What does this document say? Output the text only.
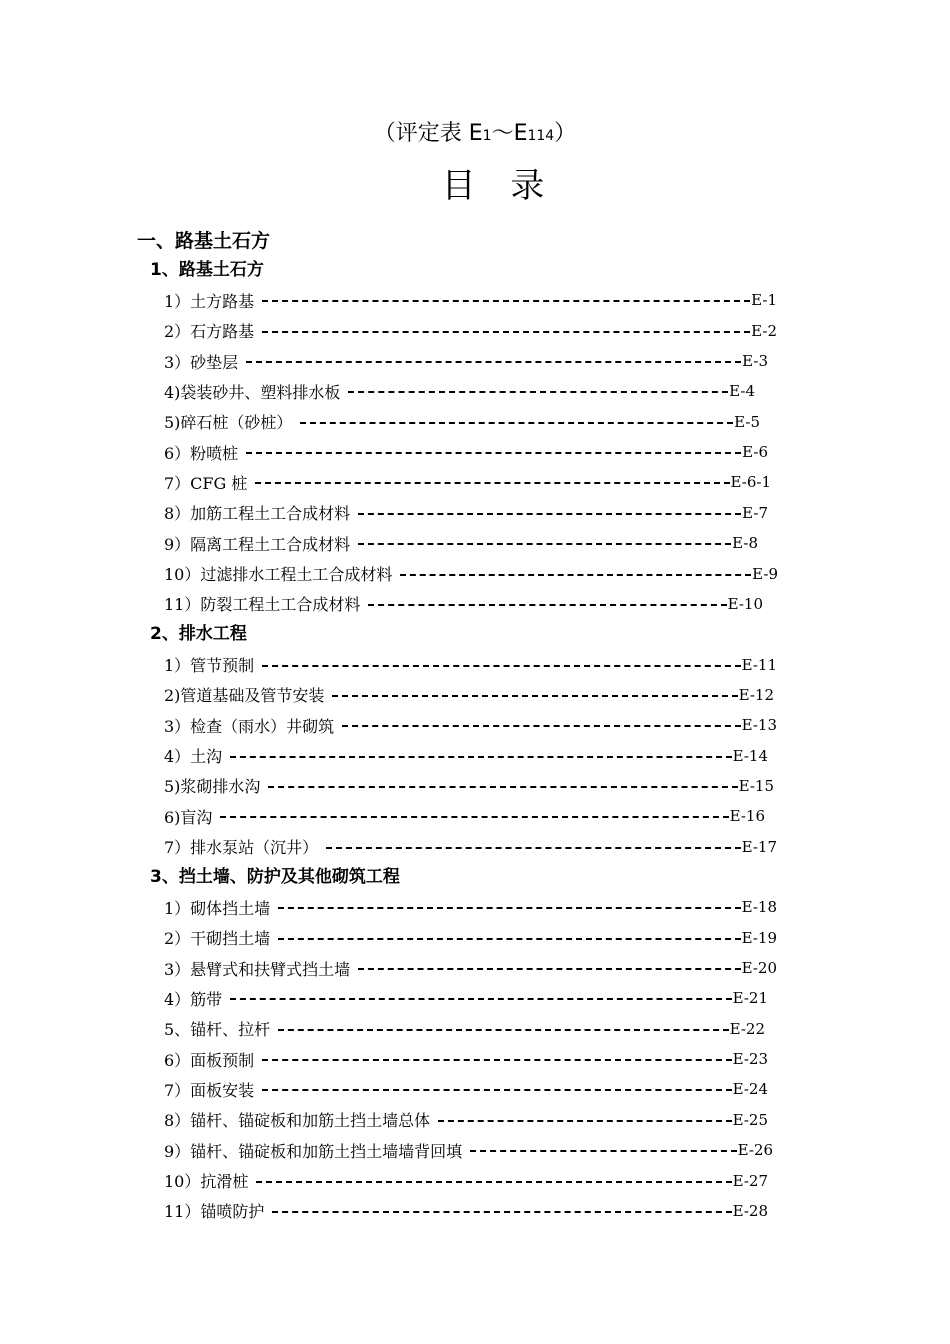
（评定表 E1～E114）
目 录
一、路基土石方
1、路基土石方
1）土方路基	E-1
2）石方路基	E-2
3）砂垫层	E-3
4)袋装砂井、塑料排水板	E-4
5)碎石桩（砂桩）	E-5
6）粉喷桩	E-6
7）CFG 桩	E-6-1
8）加筋工程土工合成材料	E-7
9）隔离工程土工合成材料	E-8
10）过滤排水工程土工合成材料	E-9
11）防裂工程土工合成材料	E-10
2、排水工程
1）管节预制	E-11
2)管道基础及管节安装	E-12
3）检查（雨水）井砌筑	E-13
4）土沟	E-14
5)浆砌排水沟	E-15
6)盲沟	E-16
7）排水泵站（沉井）	E-17
3、挡土墙、防护及其他砌筑工程
1）砌体挡土墙	E-18
2）干砌挡土墙	E-19
3）悬臂式和扶臂式挡土墙	E-20
4）筋带	E-21
5、锚杆、拉杆	E-22
6）面板预制	E-23
7）面板安装	E-24
8）锚杆、锚碇板和加筋土挡土墙总体	E-25
9）锚杆、锚碇板和加筋土挡土墙墙背回填	E-26
10）抗滑桩	E-27
11）锚喷防护	E-28
